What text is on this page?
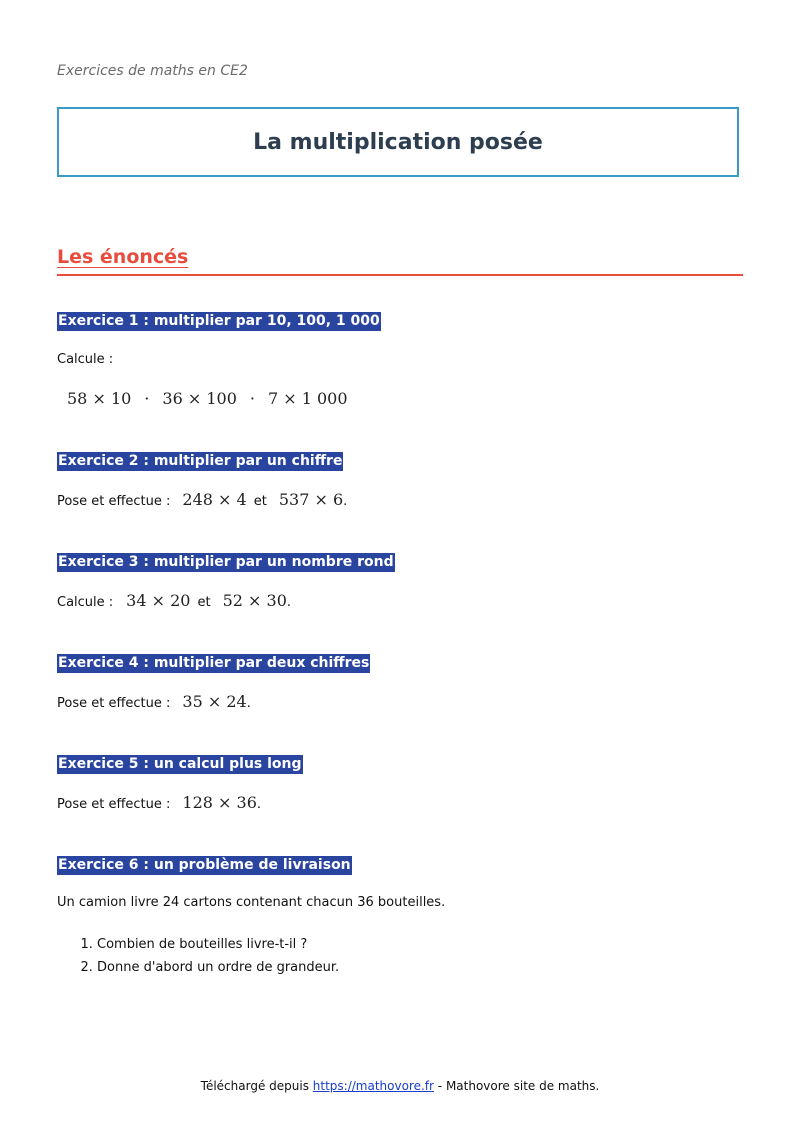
Exercices de maths en CE2
La multiplication posée
Les énoncés
Exercice 1 : multiplier par 10, 100, 1 000
Calcule :
58 × 10 · 36 × 100 · 7 × 1 000
Exercice 2 : multiplier par un chiffre
Pose et effectue : 248 × 4 et 537 × 6 .
Exercice 3 : multiplier par un nombre rond
Calcule : 34 × 20 et 52 × 30 .
Exercice 4 : multiplier par deux chiffres
Pose et effectue : 35 × 24 .
Exercice 5 : un calcul plus long
Pose et effectue : 128 × 36 .
Exercice 6 : un problème de livraison
Un camion livre 24 cartons contenant chacun 36 bouteilles.
1. Combien de bouteilles livre-t-il ?
2. Donne d'abord un ordre de grandeur.
Téléchargé depuis https://mathovore.fr - Mathovore site de maths.
